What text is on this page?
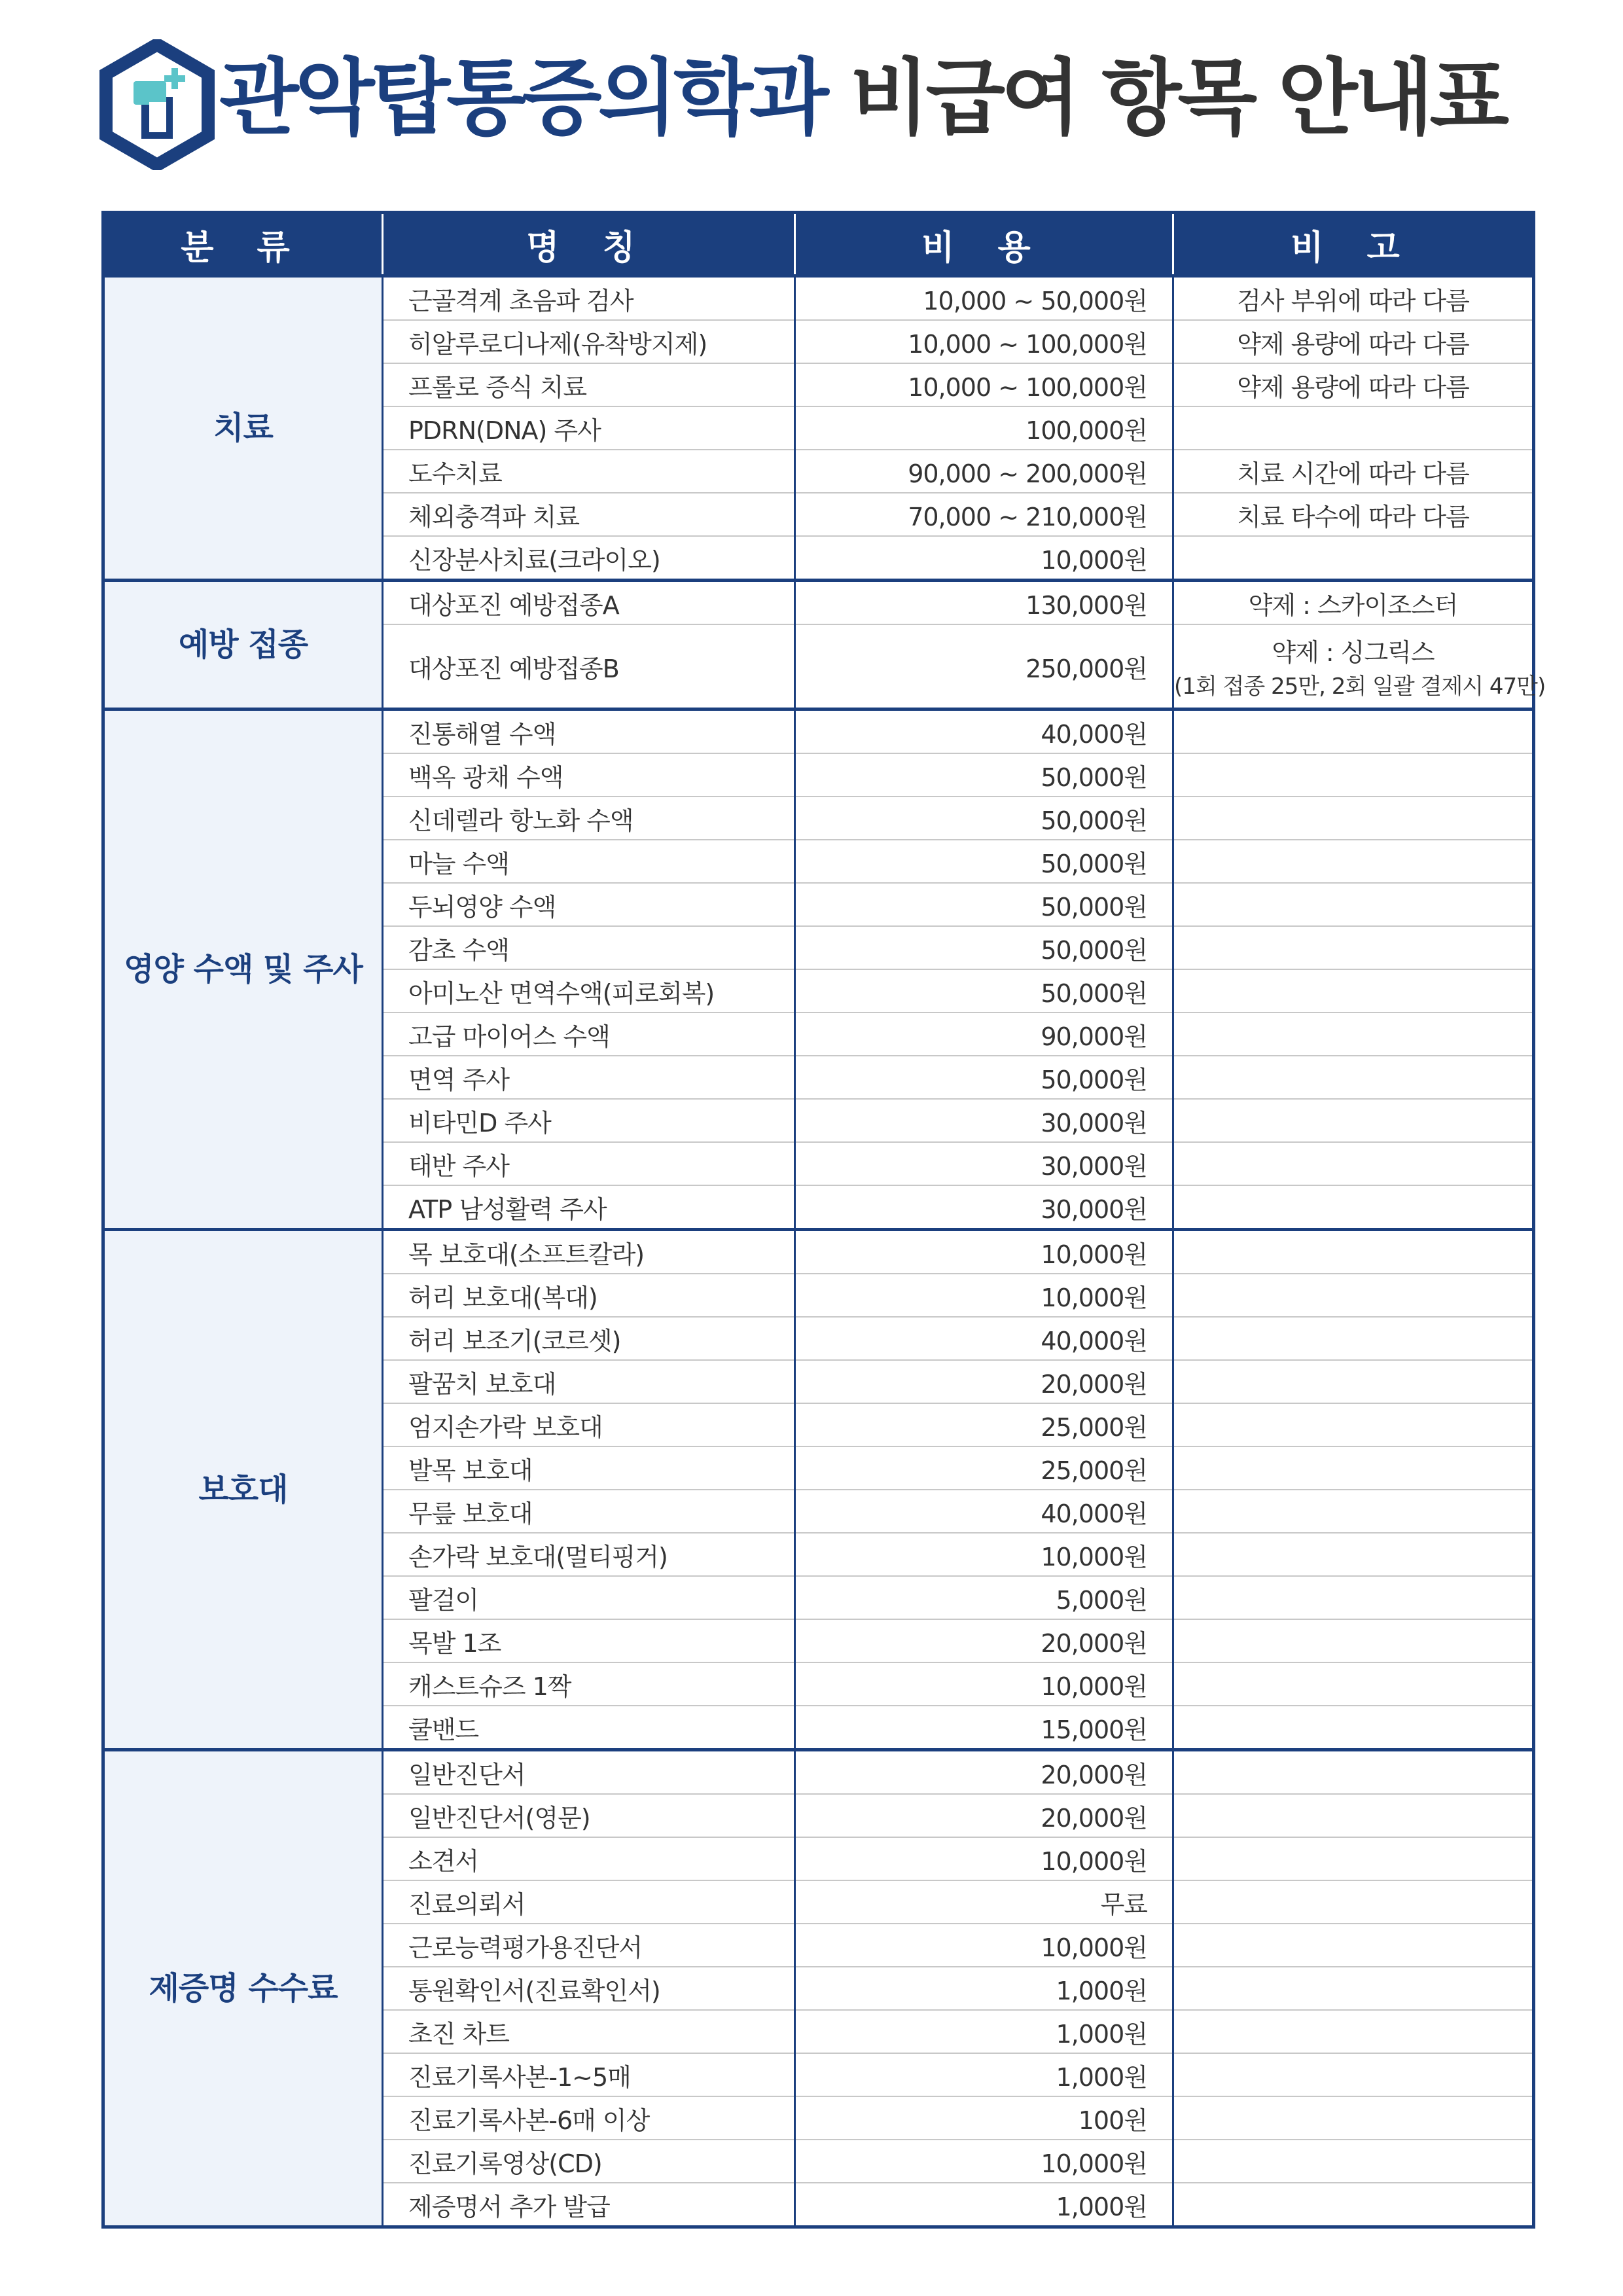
관악탑통증의학과 비급여 항목 안내표
분 류	명 칭	비 용	비 고
치료	근골격계 초음파 검사	10,000 ~ 50,000원	검사 부위에 따라 다름
	히알루로디나제(유착방지제)	10,000 ~ 100,000원	약제 용량에 따라 다름
	프롤로 증식 치료	10,000 ~ 100,000원	약제 용량에 따라 다름
	PDRN(DNA) 주사	100,000원	
	도수치료	90,000 ~ 200,000원	치료 시간에 따라 다름
	체외충격파 치료	70,000 ~ 210,000원	치료 타수에 따라 다름
	신장분사치료(크라이오)	10,000원	
예방 접종	대상포진 예방접종A	130,000원	약제 : 스카이조스터
	대상포진 예방접종B	250,000원	약제 : 싱그릭스
(1회 접종 25만, 2회 일괄 결제시 47만)

영양 수액 및 주사	진통해열 수액	40,000원	
	백옥 광채 수액	50,000원	
	신데렐라 항노화 수액	50,000원	
	마늘 수액	50,000원	
	두뇌영양 수액	50,000원	
	감초 수액	50,000원	
	아미노산 면역수액(피로회복)	50,000원	
	고급 마이어스 수액	90,000원	
	면역 주사	50,000원	
	비타민D 주사	30,000원	
	태반 주사	30,000원	
	ATP 남성활력 주사	30,000원	
보호대	목 보호대(소프트칼라)	10,000원	
	허리 보호대(복대)	10,000원	
	허리 보조기(코르셋)	40,000원	
	팔꿈치 보호대	20,000원	
	엄지손가락 보호대	25,000원	
	발목 보호대	25,000원	
	무릎 보호대	40,000원	
	손가락 보호대(멀티핑거)	10,000원	
	팔걸이	5,000원	
	목발 1조	20,000원	
	캐스트슈즈 1짝	10,000원	
	쿨밴드	15,000원	
제증명 수수료	일반진단서	20,000원	
	일반진단서(영문)	20,000원	
	소견서	10,000원	
	진료의뢰서	무료	
	근로능력평가용진단서	10,000원	
	통원확인서(진료확인서)	1,000원	
	초진 차트	1,000원	
	진료기록사본-1~5매	1,000원	
	진료기록사본-6매 이상	100원	
	진료기록영상(CD)	10,000원	
	제증명서 추가 발급	1,000원	
